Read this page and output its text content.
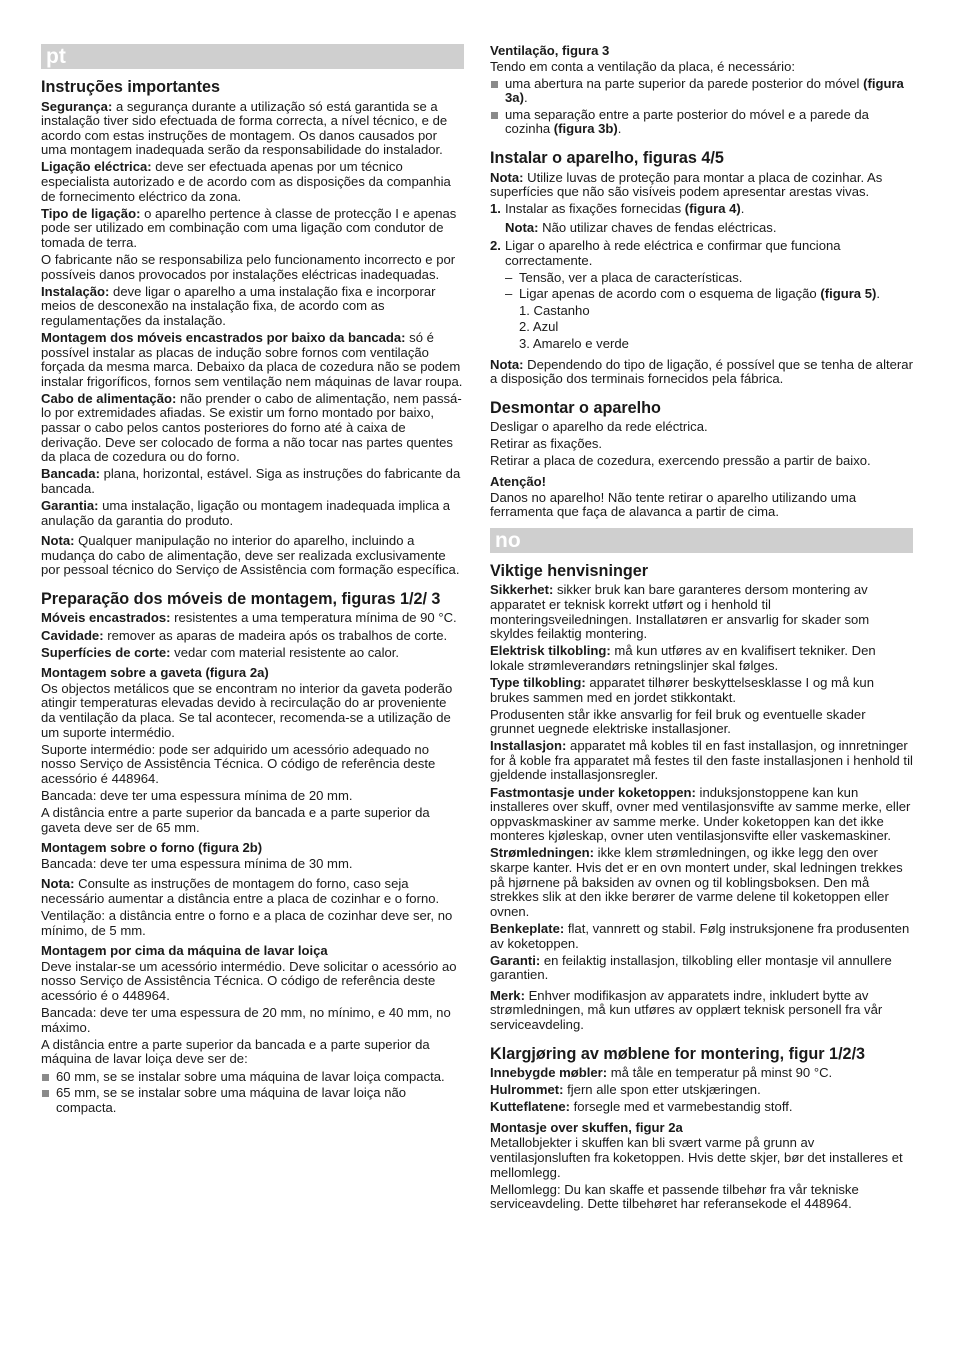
pt
Instruções importantes
Segurança: a segurança durante a utilização só está garantida se a instalação tiver sido efectuada de forma correcta, a nível técnico, e de acordo com estas instruções de montagem. Os danos causados por uma montagem inadequada serão da responsabilidade do instalador.
Ligação eléctrica: deve ser efectuada apenas por um técnico especialista autorizado e de acordo com as disposições da companhia de fornecimento eléctrico da zona.
Tipo de ligação: o aparelho pertence à classe de protecção I e apenas pode ser utilizado em combinação com uma ligação com condutor de tomada de terra.
O fabricante não se responsabiliza pelo funcionamento incorrecto e por possíveis danos provocados por instalações eléctricas inadequadas.
Instalação: deve ligar o aparelho a uma instalação fixa e incorporar meios de desconexão na instalação fixa, de acordo com as regulamentações da instalação.
Montagem dos móveis encastrados por baixo da bancada: só é possível instalar as placas de indução sobre fornos com ventilação forçada da mesma marca. Debaixo da placa de cozedura não se podem instalar frigoríficos, fornos sem ventilação nem máquinas de lavar roupa.
Cabo de alimentação: não prender o cabo de alimentação, nem passá-lo por extremidades afiadas. Se existir um forno montado por baixo, passar o cabo pelos cantos posteriores do forno até à caixa de derivação. Deve ser colocado de forma a não tocar nas partes quentes da placa de cozedura ou do forno.
Bancada: plana, horizontal, estável. Siga as instruções do fabricante da bancada.
Garantia: uma instalação, ligação ou montagem inadequada implica a anulação da garantia do produto.
Nota: Qualquer manipulação no interior do aparelho, incluindo a mudança do cabo de alimentação, deve ser realizada exclusivamente por pessoal técnico do Serviço de Assistência com formação específica.
Preparação dos móveis de montagem, figuras 1/2/ 3
Móveis encastrados: resistentes a uma temperatura mínima de 90 °C.
Cavidade: remover as aparas de madeira após os trabalhos de corte.
Superfícies de corte: vedar com material resistente ao calor.
Montagem sobre a gaveta (figura 2a)
Os objectos metálicos que se encontram no interior da gaveta poderão atingir temperaturas elevadas devido à recirculação do ar proveniente da ventilação da placa. Se tal acontecer, recomenda-se a utilização de um suporte intermédio.
Suporte intermédio: pode ser adquirido um acessório adequado no nosso Serviço de Assistência Técnica. O código de referência deste acessório é 448964.
Bancada: deve ter uma espessura mínima de 20 mm.
A distância entre a parte superior da bancada e a parte superior da gaveta deve ser de 65 mm.
Montagem sobre o forno (figura 2b)
Bancada: deve ter uma espessura mínima de 30 mm.
Nota: Consulte as instruções de montagem do forno, caso seja necessário aumentar a distância entre a placa de cozinhar e o forno.
Ventilação: a distância entre o forno e a placa de cozinhar deve ser, no mínimo, de 5 mm.
Montagem por cima da máquina de lavar loiça
Deve instalar-se um acessório intermédio. Deve solicitar o acessório ao nosso Serviço de Assistência Técnica. O código de referência deste acessório é o 448964.
Bancada: deve ter uma espessura de 20 mm, no mínimo, e 40 mm, no máximo.
A distância entre a parte superior da bancada e a parte superior da máquina de lavar loiça deve ser de:
60 mm, se se instalar sobre uma máquina de lavar loiça compacta.
65 mm, se se instalar sobre uma máquina de lavar loiça não compacta.
Ventilação, figura 3
Tendo em conta a ventilação da placa, é necessário:
uma abertura na parte superior da parede posterior do móvel (figura 3a).
uma separação entre a parte posterior do móvel e a parede da cozinha (figura 3b).
Instalar o aparelho, figuras 4/5
Nota: Utilize luvas de proteção para montar a placa de cozinhar. As superfícies que não são visíveis podem apresentar arestas vivas.
1. Instalar as fixações fornecidas (figura 4).
Nota: Não utilizar chaves de fendas eléctricas.
2. Ligar o aparelho à rede eléctrica e confirmar que funciona correctamente.
– Tensão, ver a placa de características.
– Ligar apenas de acordo com o esquema de ligação (figura 5).
1. Castanho
2. Azul
3. Amarelo e verde
Nota: Dependendo do tipo de ligação, é possível que se tenha de alterar a disposição dos terminais fornecidos pela fábrica.
Desmontar o aparelho
Desligar o aparelho da rede eléctrica.
Retirar as fixações.
Retirar a placa de cozedura, exercendo pressão a partir de baixo.
Atenção!
Danos no aparelho! Não tente retirar o aparelho utilizando uma ferramenta que faça de alavanca a partir de cima.
no
Viktige henvisninger
Sikkerhet: sikker bruk kan bare garanteres dersom montering av apparatet er teknisk korrekt utført og i henhold til monteringsveiledningen. Installatøren er ansvarlig for skader som skyldes feilaktig montering.
Elektrisk tilkobling: må kun utføres av en kvalifisert tekniker. Den lokale strømleverandørs retningslinjer skal følges.
Type tilkobling: apparatet tilhører beskyttelsesklasse I og må kun brukes sammen med en jordet stikkontakt.
Produsenten står ikke ansvarlig for feil bruk og eventuelle skader grunnet uegnede elektriske installasjoner.
Installasjon: apparatet må kobles til en fast installasjon, og innretninger for å koble fra apparatet må festes til den faste installasjonen i henhold til gjeldende installasjonsregler.
Fastmontasje under koketoppen: induksjonstoppene kan kun installeres over skuff, ovner med ventilasjonsvifte av samme merke, eller oppvaskmaskiner av samme merke. Under koketoppen kan det ikke monteres kjøleskap, ovner uten ventilasjonsvifte eller vaskemaskiner.
Strømledningen: ikke klem strømledningen, og ikke legg den over skarpe kanter. Hvis det er en ovn montert under, skal ledningen trekkes på hjørnene på baksiden av ovnen og til koblingsboksen. Den må strekkes slik at den ikke berører de varme delene til koketoppen eller ovnen.
Benkeplate: flat, vannrett og stabil. Følg instruksjonene fra produsenten av koketoppen.
Garanti: en feilaktig installasjon, tilkobling eller montasje vil annullere garantien.
Merk: Enhver modifikasjon av apparatets indre, inkludert bytte av strømledningen, må kun utføres av opplært teknisk personell fra vår serviceavdeling.
Klargjøring av møblene for montering, figur 1/2/3
Innebygde møbler: må tåle en temperatur på minst 90 °C.
Hulrommet: fjern alle spon etter utskjæringen.
Kutteflatene: forsegle med et varmebestandig stoff.
Montasje over skuffen, figur 2a
Metallobjekter i skuffen kan bli svært varme på grunn av ventilasjonsluften fra koketoppen. Hvis dette skjer, bør det installeres et mellomlegg.
Mellomlegg: Du kan skaffe et passende tilbehør fra vår tekniske serviceavdeling. Dette tilbehøret har referansekode el 448964.
